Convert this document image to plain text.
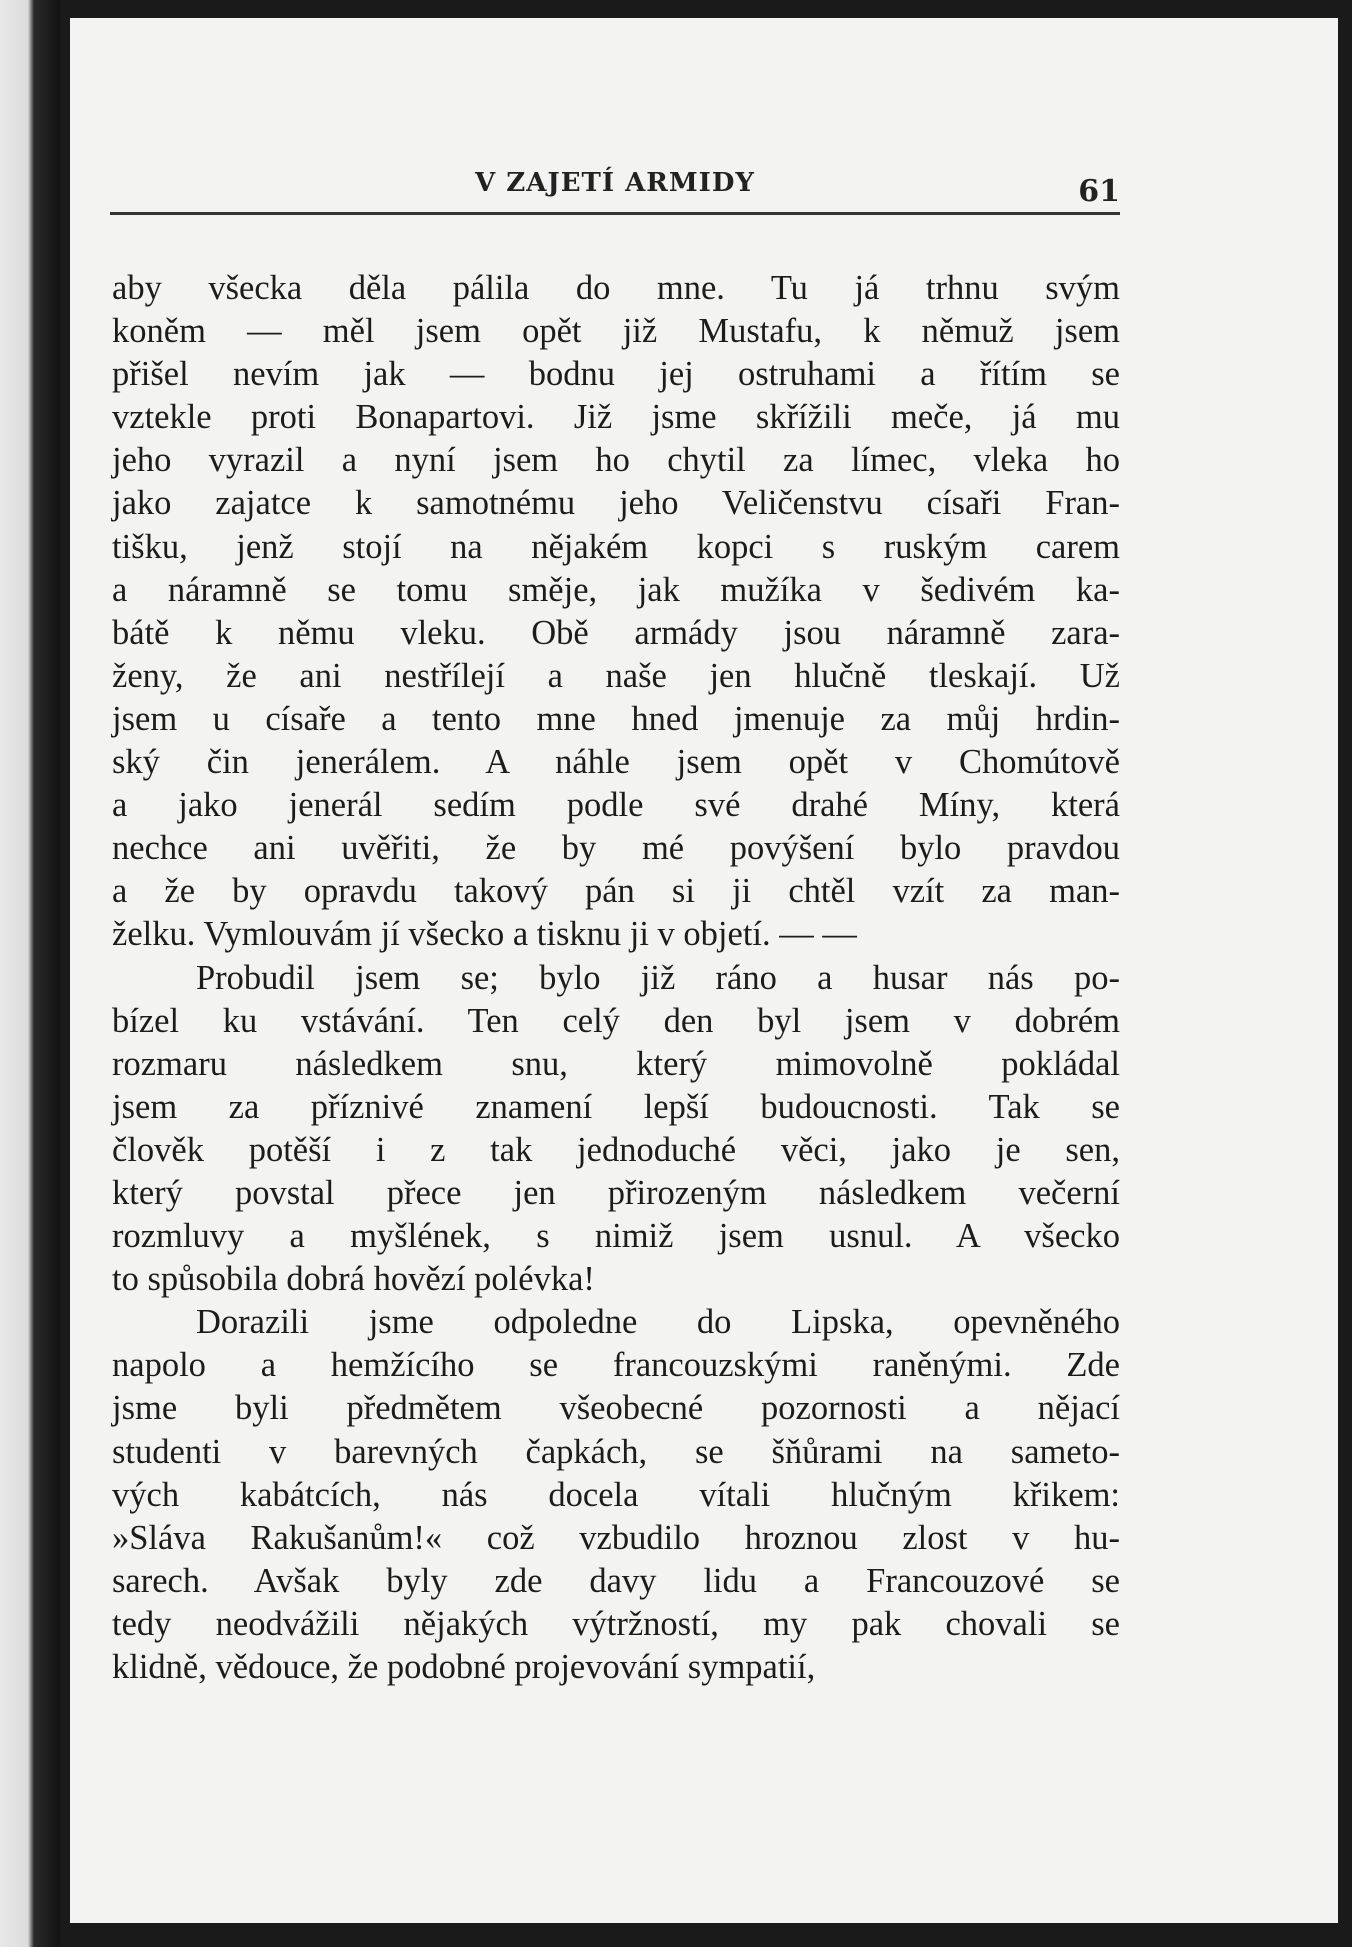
V ZAJETÍ ARMIDY	61
aby všecka děla pálila do mne. Tu já trhnu svým
koněm — měl jsem opět již Mustafu, k němuž jsem
přišel nevím jak — bodnu jej ostruhami a řítím se
vztekle proti Bonapartovi. Již jsme skřížili meče, já mu
jeho vyrazil a nyní jsem ho chytil za límec, vleka ho
jako zajatce k samotnému jeho Veličenstvu císaři Fran-
tišku, jenž stojí na nějakém kopci s ruským carem
a náramně se tomu směje, jak mužíka v šedivém ka-
bátě k němu vleku. Obě armády jsou náramně zara-
ženy, že ani nestřílejí a naše jen hlučně tleskají. Už
jsem u císaře a tento mne hned jmenuje za můj hrdin-
ský čin jenerálem. A náhle jsem opět v Chomútově
a jako jenerál sedím podle své drahé Míny, která
nechce ani uvěřiti, že by mé povýšení bylo pravdou
a že by opravdu takový pán si ji chtěl vzít za man-
želku. Vymlouvám jí všecko a tisknu ji v objetí. — —
Probudil jsem se; bylo již ráno a husar nás po-
bízel ku vstávání. Ten celý den byl jsem v dobrém
rozmaru následkem snu, který mimovolně pokládal
jsem za příznivé znamení lepší budoucnosti. Tak se
člověk potěší i z tak jednoduché věci, jako je sen,
který povstal přece jen přirozeným následkem večerní
rozmluvy a myšlének, s nimiž jsem usnul. A všecko
to spůsobila dobrá hovězí polévka!
Dorazili jsme odpoledne do Lipska, opevněného
napolo a hemžícího se francouzskými raněnými. Zde
jsme byli předmětem všeobecné pozornosti a nějací
studenti v barevných čapkách, se šňůrami na sameto-
vých kabátcích, nás docela vítali hlučným křikem:
»Sláva Rakušanům!« což vzbudilo hroznou zlost v hu-
sarech. Avšak byly zde davy lidu a Francouzové se
tedy neodvážili nějakých výtržností, my pak chovali se
klidně, vědouce, že podobné projevování sympatií,
